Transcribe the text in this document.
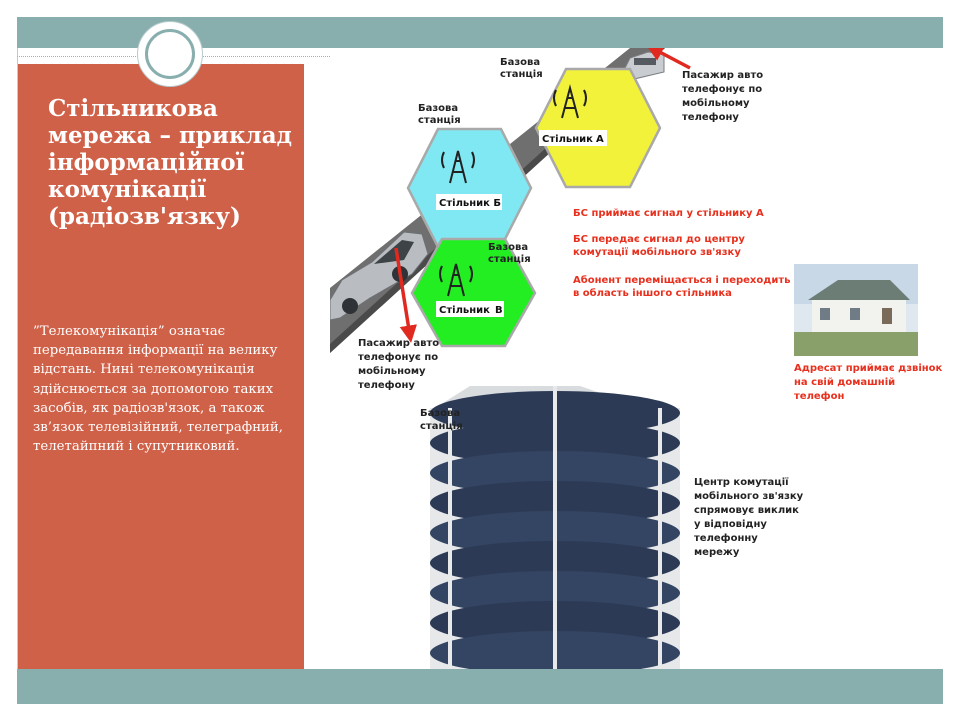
Стільникова мережа – приклад інформаційної комунікації (радіозв'язку)

”Телекомунікація” означає передавання інформації на велику відстань. Нині телекомунікація здійснюється за допомогою таких засобів, як радіозв'язок, а також зв’язок телевізійний, телеграфний, телетайпний і супутниковий.

Стільник А
Стільник Б
Стільник В
Базова
станція
Базова
станція
Базова
станція
Пасажир авто
телефонує по
мобільному
телефону
Пасажир авто
телефонує по
мобільному
телефону
БС приймає сигнал у стільнику А
БС передає сигнал до центру
комутації мобільного зв'язку
Абонент переміщається і переходить
в область іншого стільника
Адресат приймає дзвінок
на свій домашній
телефон
Базова
станція
Центр комутації
мобільного зв'язку
спрямовує виклик
у відповідну
телефонну
мережу
